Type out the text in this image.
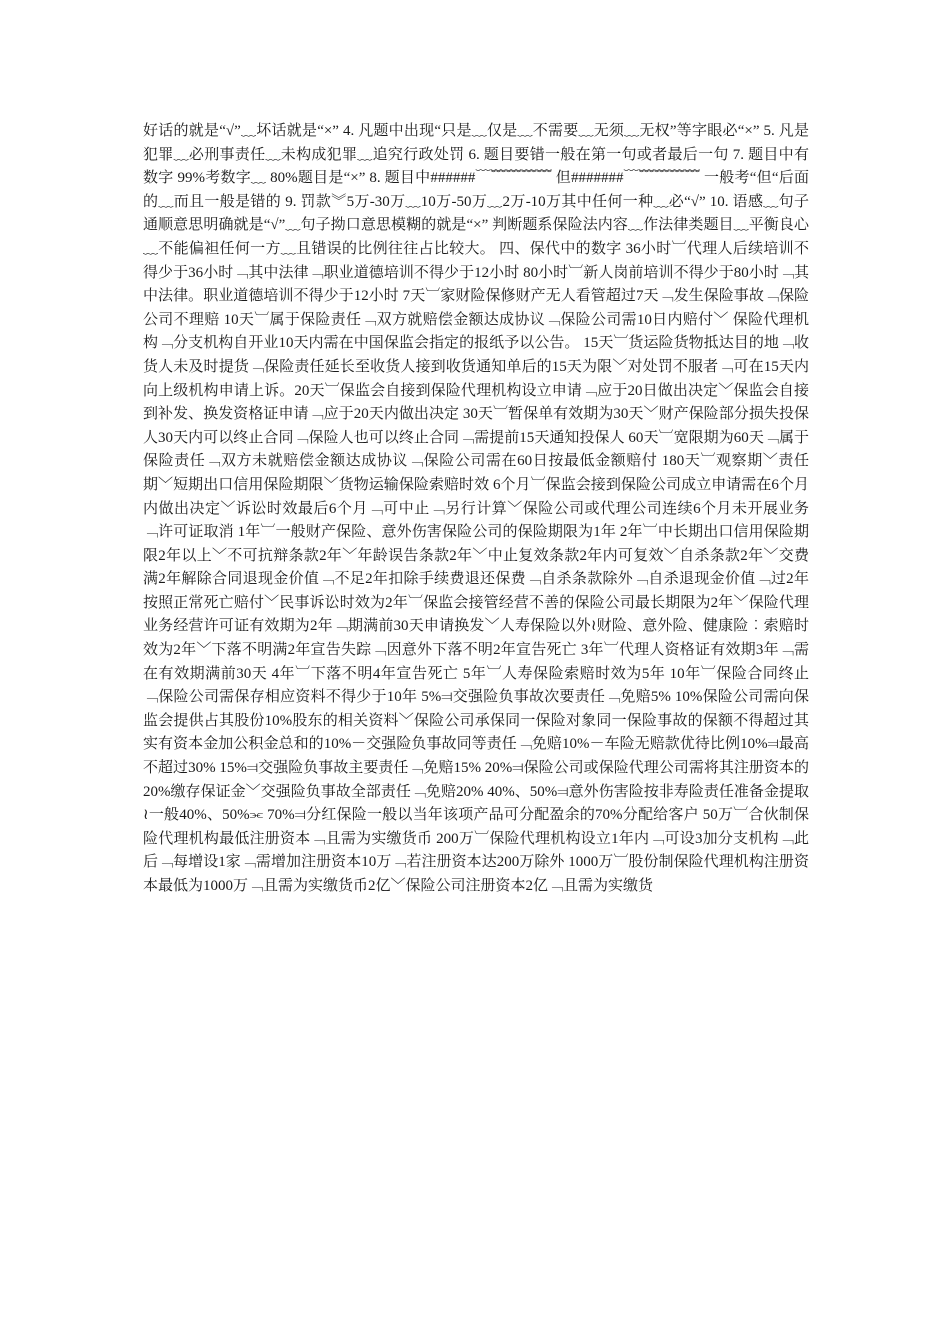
好话的就是“√”﹏坏话就是“×” 4. 凡题中出现“只是﹏仅是﹏不需要﹏无须﹏无权”等字眼必“×” 5. 凡是犯罪﹏必刑事责任﹏未构成犯罪﹏追究行政处罚 6. 题目要错一般在第一句或者最后一句 7. 题目中有数字 99%考数字﹏ 80%题目是“×” 8. 题目中######﹋﹌﹌﹌﹌ 但#######﹋﹌﹌﹌﹌ 一般考“但“后面的﹏而且一般是错的 9. 罚款︾5万-30万﹏10万-50万﹏2万-10万其中任何一种﹏必“√” 10. 语感﹏句子通顺意思明确就是“√”﹏句子拗口意思模糊的就是“×” 判断题系保险法内容﹏作法律类题目﹏平衡良心﹏不能偏袒任何一方﹏且错误的比例往往占比较大。 四、保代中的数字 36小时︺代理人后续培训不得少于36小时﹁其中法律﹁职业道德培训不得少于12小时 80小时︺新人岗前培训不得少于80小时﹁其中法律。职业道德培训不得少于12小时 7天︺家财险保修财产无人看管超过7天﹁发生保险事故﹁保险公司不理赔 10天︺属于保险责任﹁双方就赔偿金额达成协议﹁保险公司需10日内赔付﹀ 保险代理机构﹁分支机构自开业10天内需在中国保监会指定的报纸予以公告。 15天︺货运险货物抵达目的地﹁收货人未及时提货﹁保险责任延长至收货人接到收货通知单后的15天为限﹀对处罚不服者﹁可在15天内向上级机构申请上诉。20天︺保监会自接到保险代理机构设立申请﹁应于20日做出决定﹀保监会自接到补发、换发资格证申请﹁应于20天内做出决定 30天︺暂保单有效期为30天﹀财产保险部分损失投保人30天内可以终止合同﹁保险人也可以终止合同﹁需提前15天通知投保人 60天︺宽限期为60天﹁属于保险责任﹁双方未就赔偿金额达成协议﹁保险公司需在60日按最低金额赔付 180天︺观察期﹀责任期﹀短期出口信用保险期限﹀货物运输保险索赔时效 6个月︺保监会接到保险公司成立申请需在6个月内做出决定﹀诉讼时效最后6个月﹁可中止﹁另行计算﹀保险公司或代理公司连续6个月未开展业务﹁许可证取消 1年︺一般财产保险、意外伤害保险公司的保险期限为1年 2年︺中长期出口信用保险期限2年以上﹀不可抗辩条款2年﹀年龄误告条款2年﹀中止复效条款2年内可复效﹀自杀条款2年﹀交费满2年解除合同退现金价值﹁不足2年扣除手续费退还保费﹁自杀条款除外﹁自杀退现金价值﹁过2年按照正常死亡赔付﹀民事诉讼时效为2年︺保监会接管经营不善的保险公司最长期限为2年﹀保险代理业务经营许可证有效期为2年﹁期满前30天申请换发﹀人寿保险以外≀财险、意外险、健康险︰索赔时效为2年﹀下落不明满2年宣告失踪﹁因意外下落不明2年宣告死亡 3年︺代理人资格证有效期3年﹁需在有效期满前30天 4年︺下落不明4年宣告死亡 5年︺人寿保险索赔时效为5年 10年︺保险合同终止﹁保险公司需保存相应资料不得少于10年 5%⫤交强险负事故次要责任﹁免赔5% 10%保险公司需向保监会提供占其股份10%股东的相关资料﹀保险公司承保同一保险对象同一保险事故的保额不得超过其实有资本金加公积金总和的10%－交强险负事故同等责任﹁免赔10%－车险无赔款优待比例10%⫤最高不超过30% 15%⫤交强险负事故主要责任﹁免赔15% 20%⫤保险公司或保险代理公司需将其注册资本的20%缴存保证金﹀交强险负事故全部责任﹁免赔20% 40%、50%⫤意外伤害险按非寿险责任准备金提取≀一般40%、50%⫘ 70%⫤分红保险一般以当年该项产品可分配盈余的70%分配给客户 50万︺合伙制保险代理机构最低注册资本﹁且需为实缴货币 200万︺保险代理机构设立1年内﹁可设3加分支机构﹁此后﹁每增设1家﹁需增加注册资本10万﹁若注册资本达200万除外 1000万︺股份制保险代理机构注册资本最低为1000万﹁且需为实缴货币2亿﹀保险公司注册资本2亿﹁且需为实缴货
